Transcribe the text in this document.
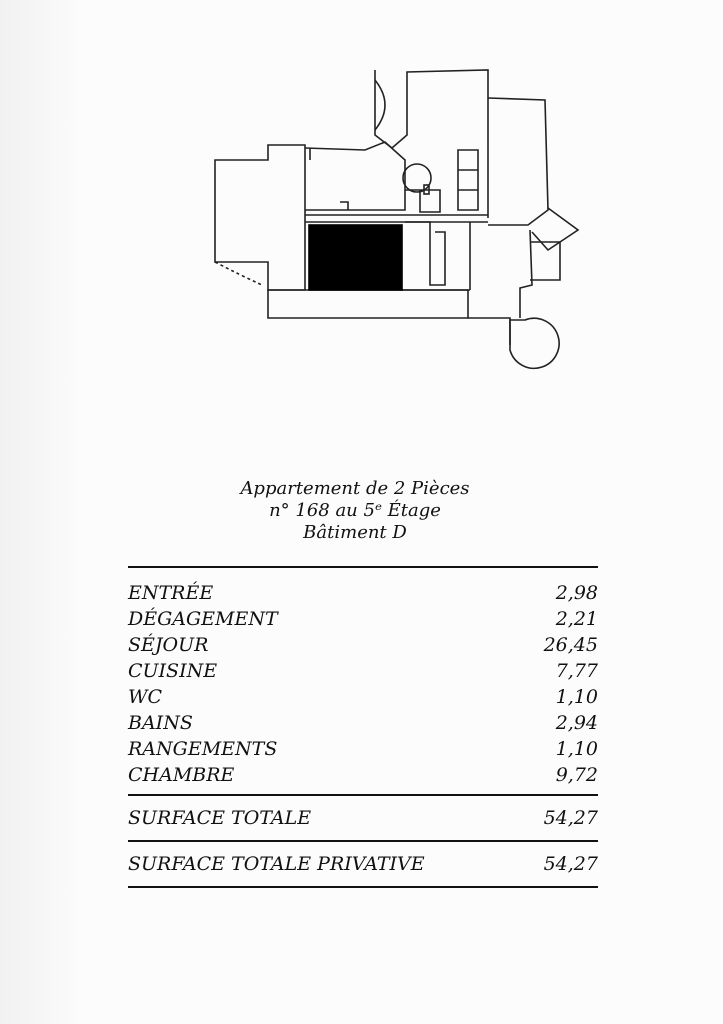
Appartement de 2 Pièces
n° 168 au 5ᵉ Étage
Bâtiment D
ENTRÉE	2,98
DÉGAGEMENT	2,21
SÉJOUR	26,45
CUISINE	7,77
WC	1,10
BAINS	2,94
RANGEMENTS	1,10
CHAMBRE	9,72
SURFACE TOTALE	54,27
SURFACE TOTALE PRIVATIVE	54,27
